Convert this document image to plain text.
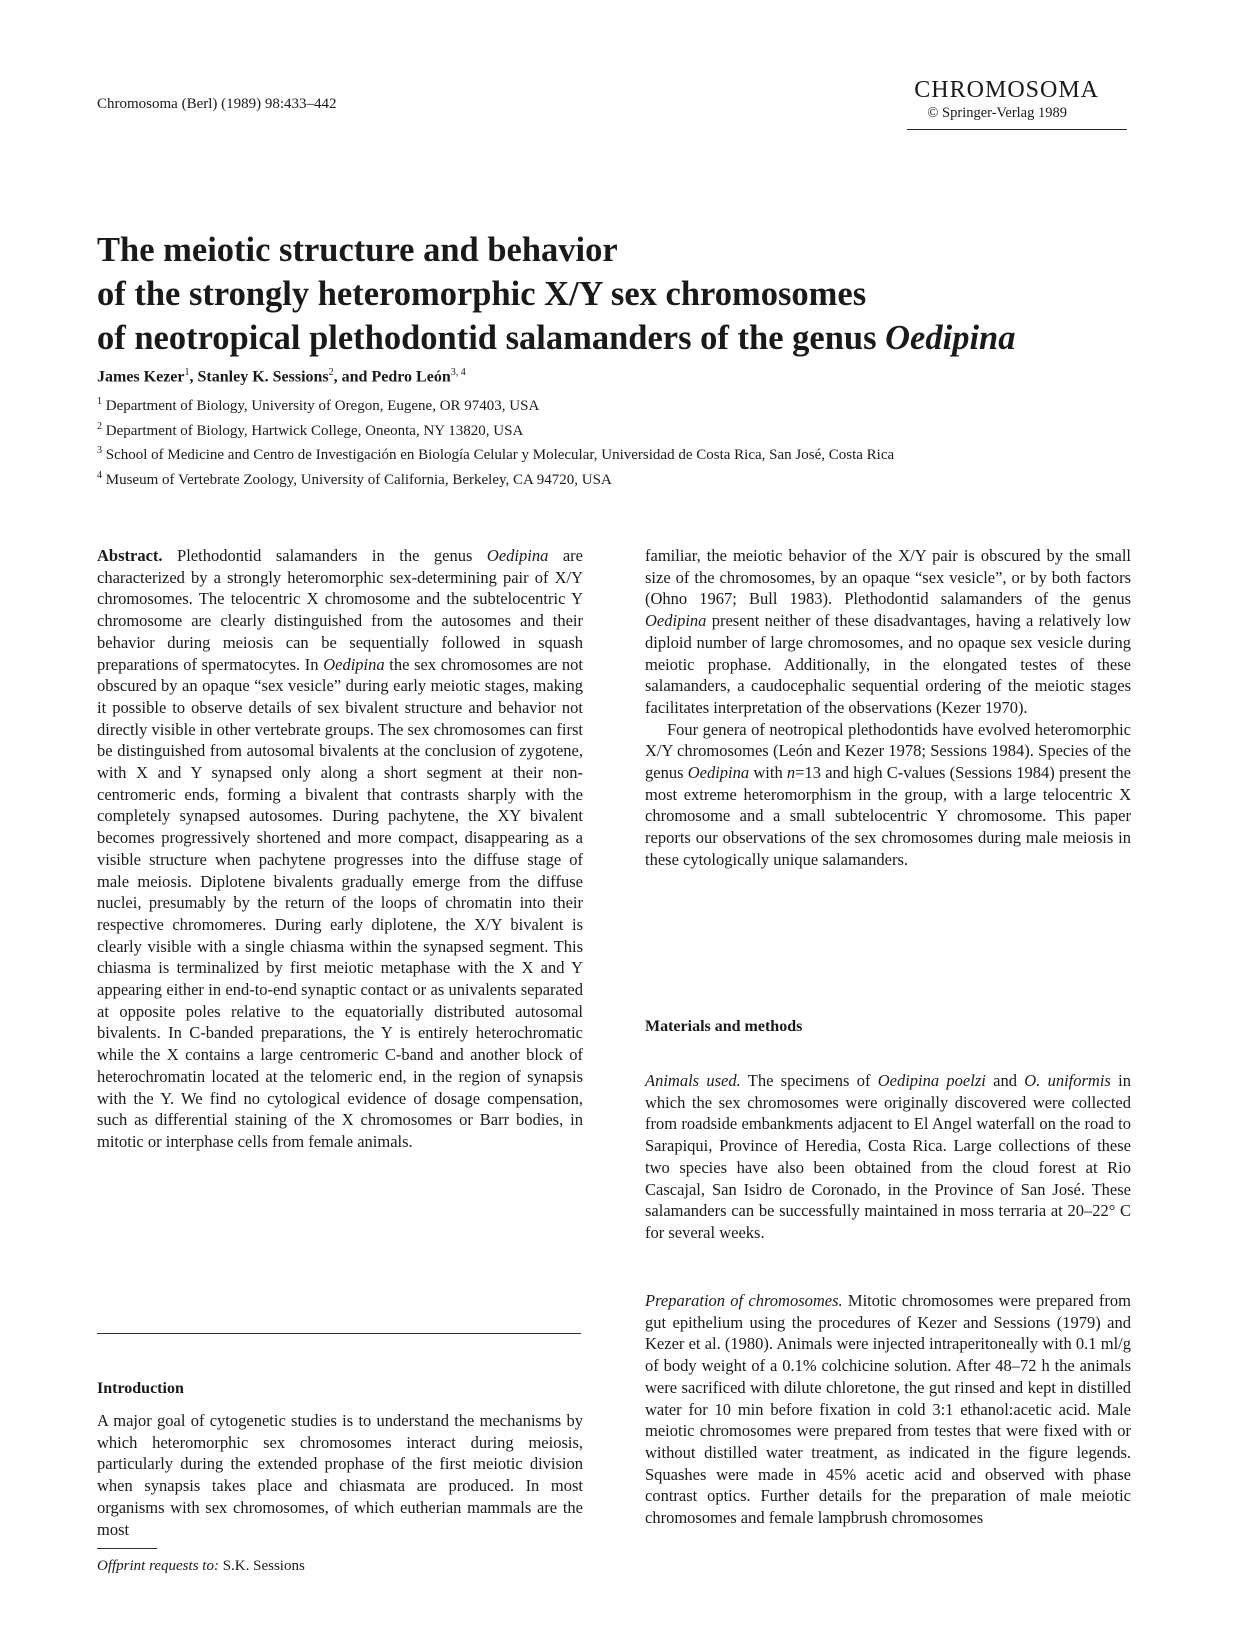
Chromosoma (Berl) (1989) 98:433–442
CHROMOSOMA
© Springer-Verlag 1989
The meiotic structure and behavior
of the strongly heteromorphic X/Y sex chromosomes
of neotropical plethodontid salamanders of the genus Oedipina
James Kezer$^1$, Stanley K. Sessions$^2$, and Pedro León$^{3, 4}$
$^1$ Department of Biology, University of Oregon, Eugene, OR 97403, USA
$^2$ Department of Biology, Hartwick College, Oneonta, NY 13820, USA
$^3$ School of Medicine and Centro de Investigación en Biología Celular y Molecular, Universidad de Costa Rica, San José, Costa Rica
$^4$ Museum of Vertebrate Zoology, University of California, Berkeley, CA 94720, USA

Abstract. Plethodontid salamanders in the genus Oedipina are characterized by a strongly heteromorphic sex-determining pair of X/Y chromosomes. The telocentric X chromosome and the subtelocentric Y chromosome are clearly distinguished from the autosomes and their behavior during meiosis can be sequentially followed in squash preparations of spermatocytes. In Oedipina the sex chromosomes are not obscured by an opaque “sex vesicle” during early meiotic stages, making it possible to observe details of sex bivalent structure and behavior not directly visible in other vertebrate groups. The sex chromosomes can first be distinguished from autosomal bivalents at the conclusion of zygotene, with X and Y synapsed only along a short segment at their non-centromeric ends, forming a bivalent that contrasts sharply with the completely synapsed autosomes. During pachytene, the XY bivalent becomes progressively shortened and more compact, disappearing as a visible structure when pachytene progresses into the diffuse stage of male meiosis. Diplotene bivalents gradually emerge from the diffuse nuclei, presumably by the return of the loops of chromatin into their respective chromomeres. During early diplotene, the X/Y bivalent is clearly visible with a single chiasma within the synapsed segment. This chiasma is terminalized by first meiotic metaphase with the X and Y appearing either in end-to-end synaptic contact or as univalents separated at opposite poles relative to the equatorially distributed autosomal bivalents. In C-banded preparations, the Y is entirely heterochromatic while the X contains a large centromeric C-band and another block of heterochromatin located at the telomeric end, in the region of synapsis with the Y. We find no cytological evidence of dosage compensation, such as differential staining of the X chromosomes or Barr bodies, in mitotic or interphase cells from female animals.

Introduction
A major goal of cytogenetic studies is to understand the mechanisms by which heteromorphic sex chromosomes interact during meiosis, particularly during the extended prophase of the first meiotic division when synapsis takes place and chiasmata are produced. In most organisms with sex chromosomes, of which eutherian mammals are the most
Offprint requests to: S.K. Sessions

familiar, the meiotic behavior of the X/Y pair is obscured by the small size of the chromosomes, by an opaque “sex vesicle”, or by both factors (Ohno 1967; Bull 1983). Plethodontid salamanders of the genus Oedipina present neither of these disadvantages, having a relatively low diploid number of large chromosomes, and no opaque sex vesicle during meiotic prophase. Additionally, in the elongated testes of these salamanders, a caudocephalic sequential ordering of the meiotic stages facilitates interpretation of the observations (Kezer 1970).

Four genera of neotropical plethodontids have evolved heteromorphic X/Y chromosomes (León and Kezer 1978; Sessions 1984). Species of the genus Oedipina with n=13 and high C-values (Sessions 1984) present the most extreme heteromorphism in the group, with a large telocentric X chromosome and a small subtelocentric Y chromosome. This paper reports our observations of the sex chromosomes during male meiosis in these cytologically unique salamanders.

Materials and methods
Animals used. The specimens of Oedipina poelzi and O. uniformis in which the sex chromosomes were originally discovered were collected from roadside embankments adjacent to El Angel waterfall on the road to Sarapiqui, Province of Heredia, Costa Rica. Large collections of these two species have also been obtained from the cloud forest at Rio Cascajal, San Isidro de Coronado, in the Province of San José. These salamanders can be successfully maintained in moss terraria at 20–22° C for several weeks.
Preparation of chromosomes. Mitotic chromosomes were prepared from gut epithelium using the procedures of Kezer and Sessions (1979) and Kezer et al. (1980). Animals were injected intraperitoneally with 0.1 ml/g of body weight of a 0.1% colchicine solution. After 48–72 h the animals were sacrificed with dilute chloretone, the gut rinsed and kept in distilled water for 10 min before fixation in cold 3:1 ethanol:acetic acid. Male meiotic chromosomes were prepared from testes that were fixed with or without distilled water treatment, as indicated in the figure legends. Squashes were made in 45% acetic acid and observed with phase contrast optics. Further details for the preparation of male meiotic chromosomes and female lampbrush chromosomes
